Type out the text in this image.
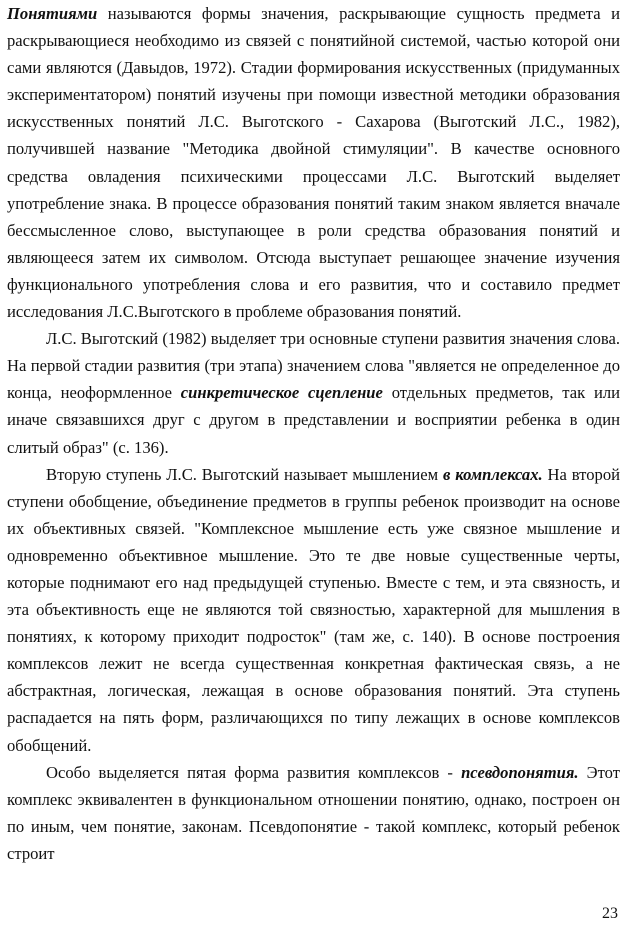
Понятиями называются формы значения, раскрывающие сущность предмета и раскрывающиеся необходимо из связей с понятийной системой, частью которой они сами являются (Давыдов, 1972). Стадии формирования искусственных (придуманных экспериментатором) понятий изучены при помощи известной методики образования искусственных понятий Л.С. Выготского - Сахарова (Выготский Л.С., 1982), получившей название "Методика двойной стимуляции". В качестве основного средства овладения психическими процессами Л.С. Выготский выделяет употребление знака. В процессе образования понятий таким знаком является вначале бессмысленное слово, выступающее в роли средства образования понятий и являющееся затем их символом. Отсюда выступает решающее значение изучения функционального употребления слова и его развития, что и составило предмет исследования Л.С.Выготского в проблеме образования понятий.

Л.С. Выготский (1982) выделяет три основные ступени развития значения слова. На первой стадии развития (три этапа) значением слова "является не определенное до конца, неоформленное синкретическое сцепление отдельных предметов, так или иначе связавшихся друг с другом в представлении и восприятии ребенка в один слитый образ" (с. 136).

Вторую ступень Л.С. Выготский называет мышлением в комплексах. На второй ступени обобщение, объединение предметов в группы ребенок производит на основе их объективных связей. "Комплексное мышление есть уже связное мышление и одновременно объективное мышление. Это те две новые существенные черты, которые поднимают его над предыдущей ступенью. Вместе с тем, и эта связность, и эта объективность еще не являются той связностью, характерной для мышления в понятиях, к которому приходит подросток" (там же, с. 140). В основе построения комплексов лежит не всегда существенная конкретная фактическая связь, а не абстрактная, логическая, лежащая в основе образования понятий. Эта ступень распадается на пять форм, различающихся по типу лежащих в основе комплексов обобщений.

Особо выделяется пятая форма развития комплексов - псевдопонятия. Этот комплекс эквивалентен в функциональном отношении понятию, однако, построен он по иным, чем понятие, законам. Псевдопонятие - такой комплекс, который ребенок строит

23
